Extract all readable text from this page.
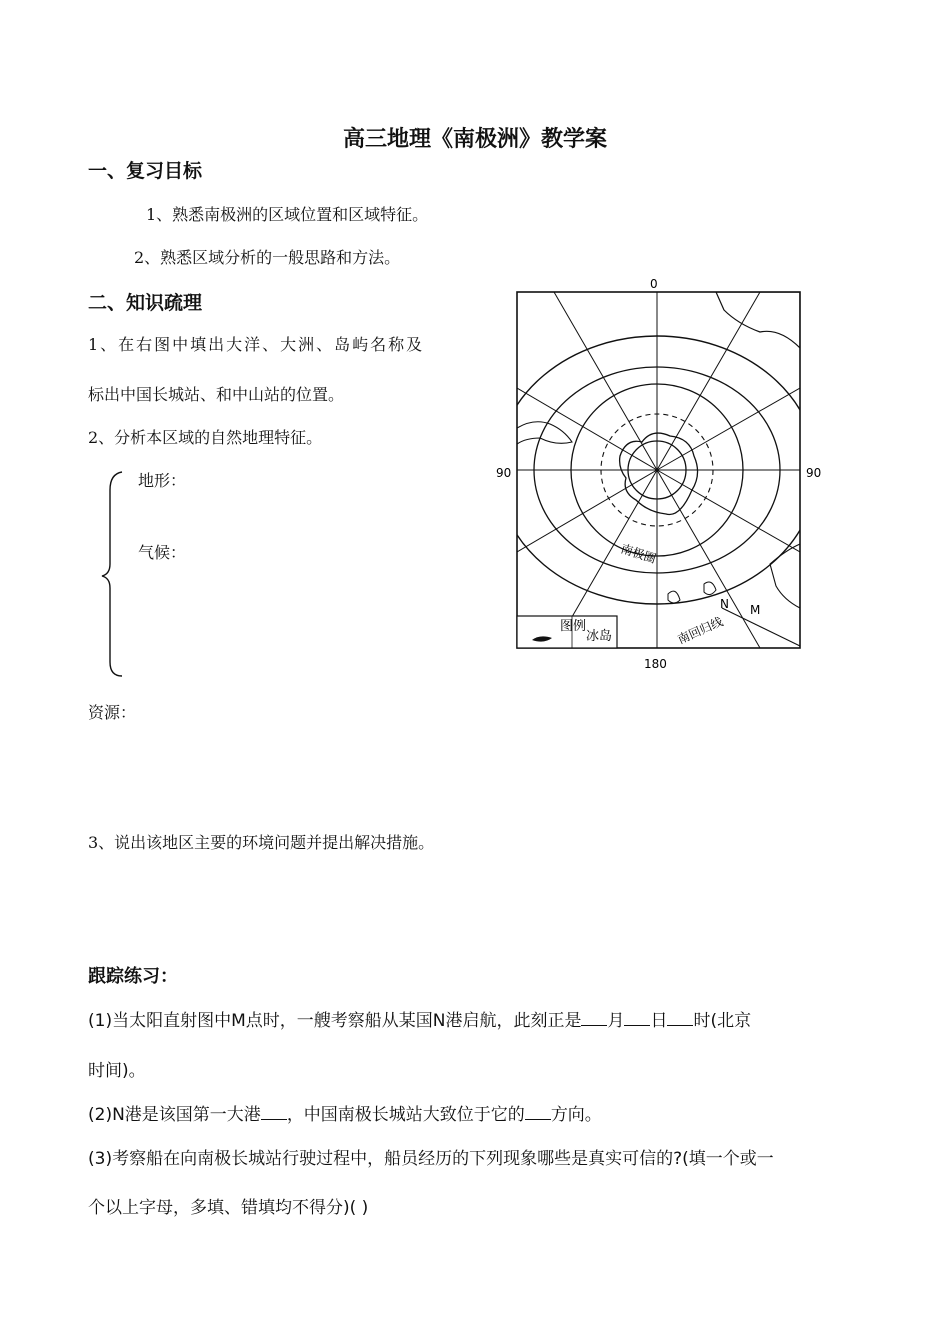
高三地理《南极洲》教学案
一、复习目标
1、熟悉南极洲的区域位置和区域特征。
2、熟悉区域分析的一般思路和方法。
二、知识疏理
1、在右图中填出大洋、大洲、岛屿名称及
标出中国长城站、和中山站的位置。
2、分析本区域的自然地理特征。
地形：
气候：
资源：
3、说出该地区主要的环境问题并提出解决措施。
图例
冰岛
0
180
90	90
南极圈
南回归线
N M
跟踪练习：
(1)当太阳直射图中M点时，一艘考察船从某国N港启航，此刻正是 月 日 时(北京
时间)。
(2)N港是该国第一大港 ，中国南极长城站大致位于它的 方向。
(3)考察船在向南极长城站行驶过程中，船员经历的下列现象哪些是真实可信的?(填一个或一
个以上字母，多填、错填均不得分)( )
